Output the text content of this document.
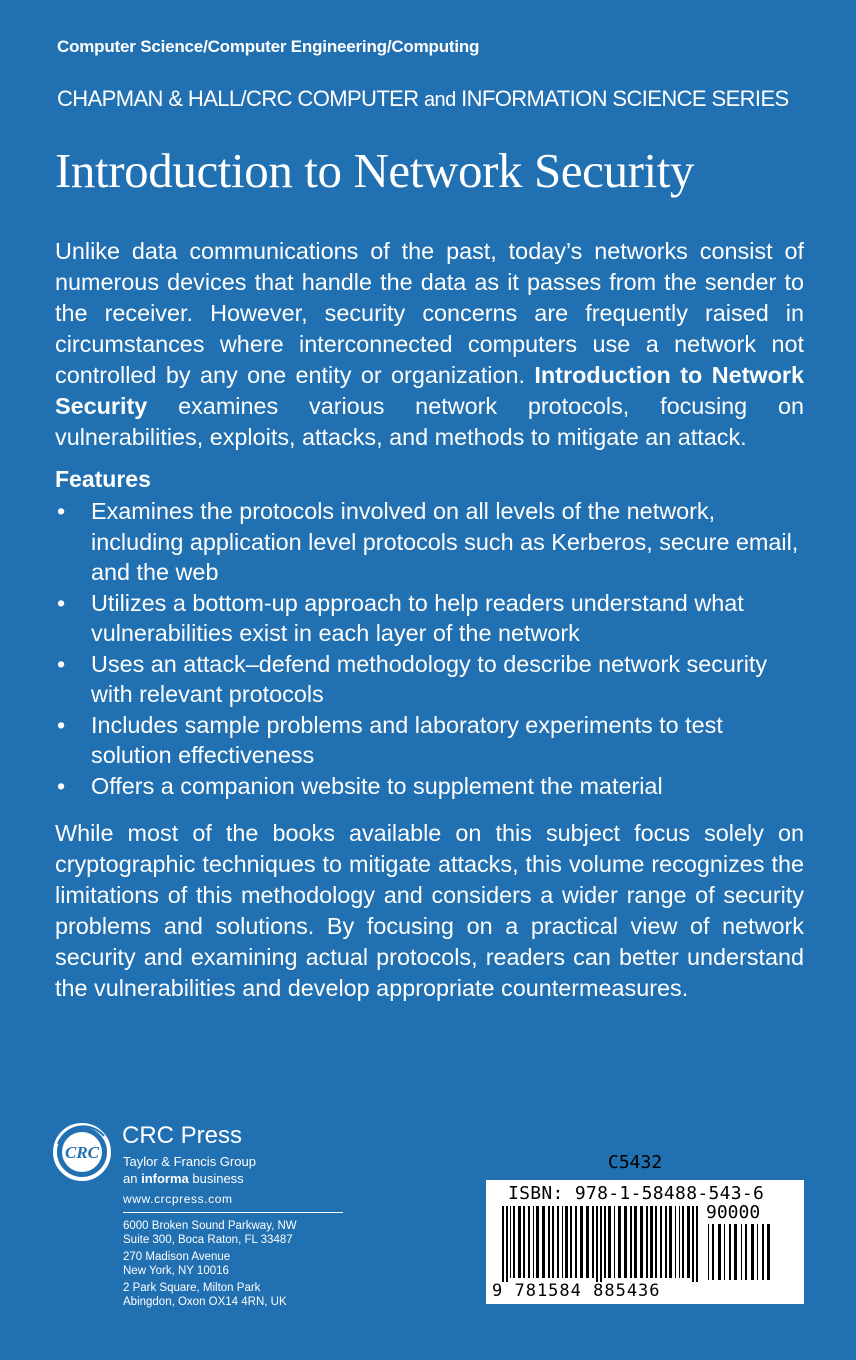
Computer Science/Computer Engineering/Computing
CHAPMAN & HALL/CRC COMPUTER and INFORMATION SCIENCE SERIES
Introduction to Network Security

Unlike data communications of the past, today’s networks consist of numerous devices that handle the data as it passes from the sender to the receiver. However, security concerns are frequently raised in circumstances where interconnected computers use a network not controlled by any one entity or organization. Introduction to Network Security examines various network protocols, focusing on vulnerabilities, exploits, attacks, and methods to mitigate an attack.

Features
• Examines the protocols involved on all levels of the network, including application level protocols such as Kerberos, secure email, and the web
• Utilizes a bottom-up approach to help readers understand what vulnerabilities exist in each layer of the network
• Uses an attack–defend methodology to describe network security with relevant protocols
• Includes sample problems and laboratory experiments to test solution effectiveness
• Offers a companion website to supplement the material

While most of the books available on this subject focus solely on cryptographic techniques to mitigate attacks, this volume recognizes the limitations of this methodology and considers a wider range of security problems and solutions. By focusing on a practical view of network security and examining actual protocols, readers can better understand the vulnerabilities and develop appropriate countermeasures.

CRC
CRC Press
Taylor & Francis Group
an informa business
www.crcpress.com
6000 Broken Sound Parkway, NW
Suite 300, Boca Raton, FL 33487
270 Madison Avenue
New York, NY 10016
2 Park Square, Milton Park
Abingdon, Oxon OX14 4RN, UK
C5432
ISBN: 978-1-58488-543-6
90000
9 781584 885436
